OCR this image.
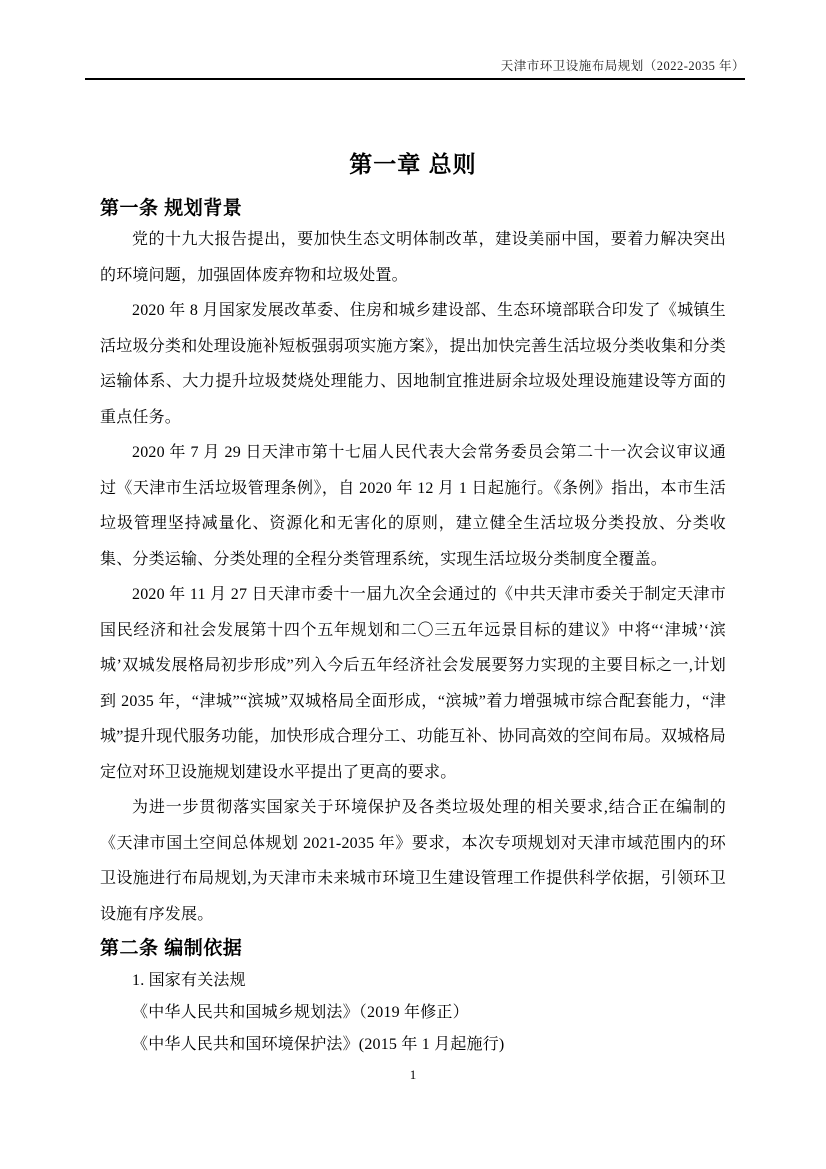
天津市环卫设施布局规划（2022-2035 年）
第一章 总则
第一条 规划背景

党的十九大报告提出，要加快生态文明体制改革，建设美丽中国，要着力解决突出的环境问题，加强固体废弃物和垃圾处置。

2020 年 8 月国家发展改革委、住房和城乡建设部、生态环境部联合印发了《城镇生活垃圾分类和处理设施补短板强弱项实施方案》，提出加快完善生活垃圾分类收集和分类运输体系、大力提升垃圾焚烧处理能力、因地制宜推进厨余垃圾处理设施建设等方面的重点任务。

2020 年 7 月 29 日天津市第十七届人民代表大会常务委员会第二十一次会议审议通过《天津市生活垃圾管理条例》，自 2020 年 12 月 1 日起施行。《条例》指出，本市生活垃圾管理坚持减量化、资源化和无害化的原则，建立健全生活垃圾分类投放、分类收集、分类运输、分类处理的全程分类管理系统，实现生活垃圾分类制度全覆盖。

2020 年 11 月 27 日天津市委十一届九次全会通过的《中共天津市委关于制定天津市国民经济和社会发展第十四个五年规划和二〇三五年远景目标的建议》中将“‘津城’‘滨城’双城发展格局初步形成”列入今后五年经济社会发展要努力实现的主要目标之一,计划到 2035 年，“津城”“滨城”双城格局全面形成，“滨城”着力增强城市综合配套能力，“津城”提升现代服务功能，加快形成合理分工、功能互补、协同高效的空间布局。双城格局定位对环卫设施规划建设水平提出了更高的要求。

为进一步贯彻落实国家关于环境保护及各类垃圾处理的相关要求,结合正在编制的《天津市国土空间总体规划 2021-2035 年》要求，本次专项规划对天津市域范围内的环卫设施进行布局规划,为天津市未来城市环境卫生建设管理工作提供科学依据，引领环卫设施有序发展。

第二条 编制依据

1. 国家有关法规

《中华人民共和国城乡规划法》（2019 年修正）

《中华人民共和国环境保护法》(2015 年 1 月起施行)

1
